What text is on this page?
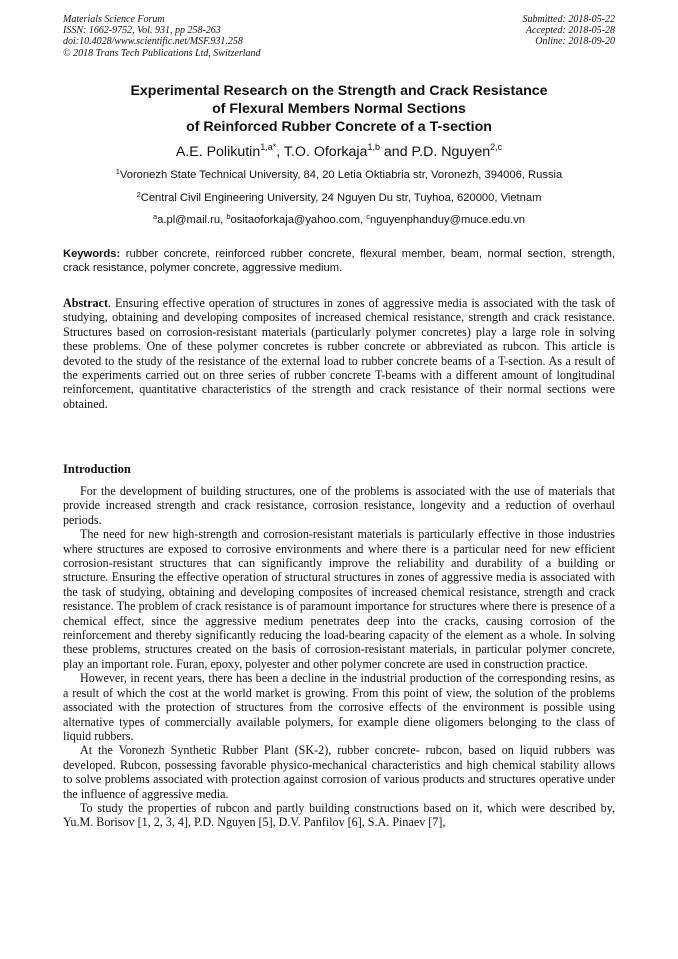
Materials Science Forum
ISSN: 1662-9752, Vol. 931, pp 258-263
doi:10.4028/www.scientific.net/MSF.931.258
© 2018 Trans Tech Publications Ltd, Switzerland
Submitted: 2018-05-22
Accepted: 2018-05-28
Online: 2018-09-20
Experimental Research on the Strength and Crack Resistance
of Flexural Members Normal Sections
of Reinforced Rubber Concrete of a T-section
A.E. Polikutin$^{1,a*}$, T.O. Oforkaja$^{1,b}$ and P.D. Nguyen$^{2,c}$
$^1$Voronezh State Technical University, 84, 20 Letia Oktiabria str, Voronezh, 394006, Russia
$^2$Central Civil Engineering University, 24 Nguyen Du str, Tuyhoa, 620000, Vietnam
$^a$a.pl@mail.ru, $^b$ositaoforkaja@yahoo.com, $^c$nguyenphanduy@muce.edu.vn
Keywords: rubber concrete, reinforced rubber concrete, flexural member, beam, normal section, strength, crack resistance, polymer concrete, aggressive medium.
Abstract. Ensuring effective operation of structures in zones of aggressive media is associated with the task of studying, obtaining and developing composites of increased chemical resistance, strength and crack resistance. Structures based on corrosion-resistant materials (particularly polymer concretes) play a large role in solving these problems. One of these polymer concretes is rubber concrete or abbreviated as rubcon. This article is devoted to the study of the resistance of the external load to rubber concrete beams of a T-section. As a result of the experiments carried out on three series of rubber concrete T-beams with a different amount of longitudinal reinforcement, quantitative characteristics of the strength and crack resistance of their normal sections were obtained.
Introduction

For the development of building structures, one of the problems is associated with the use of materials that provide increased strength and crack resistance, corrosion resistance, longevity and a reduction of overhaul periods.

The need for new high-strength and corrosion-resistant materials is particularly effective in those industries where structures are exposed to corrosive environments and where there is a particular need for new efficient corrosion-resistant structures that can significantly improve the reliability and durability of a building or structure. Ensuring the effective operation of structural structures in zones of aggressive media is associated with the task of studying, obtaining and developing composites of increased chemical resistance, strength and crack resistance. The problem of crack resistance is of paramount importance for structures where there is presence of a chemical effect, since the aggressive medium penetrates deep into the cracks, causing corrosion of the reinforcement and thereby significantly reducing the load-bearing capacity of the element as a whole. In solving these problems, structures created on the basis of corrosion-resistant materials, in particular polymer concrete, play an important role. Furan, epoxy, polyester and other polymer concrete are used in construction practice.

However, in recent years, there has been a decline in the industrial production of the corresponding resins, as a result of which the cost at the world market is growing. From this point of view, the solution of the problems associated with the protection of structures from the corrosive effects of the environment is possible using alternative types of commercially available polymers, for example diene oligomers belonging to the class of liquid rubbers.

At the Voronezh Synthetic Rubber Plant (SK-2), rubber concrete- rubcon, based on liquid rubbers was developed. Rubcon, possessing favorable physico-mechanical characteristics and high chemical stability allows to solve problems associated with protection against corrosion of various products and structures operative under the influence of aggressive media.

To study the properties of rubcon and partly building constructions based on it, which were described by, Yu.M. Borisov [1, 2, 3, 4], P.D. Nguyen [5], D.V. Panfilov [6], S.A. Pinaev [7],
